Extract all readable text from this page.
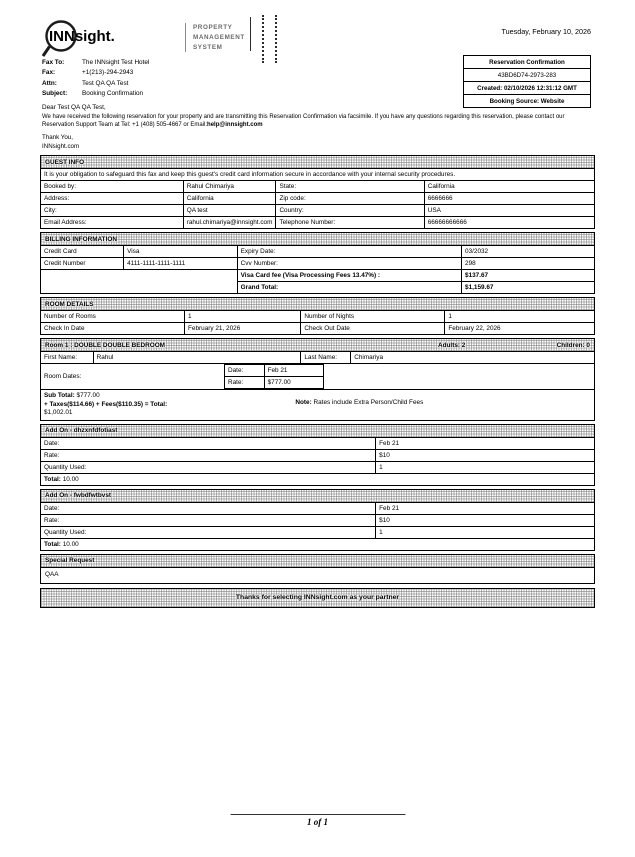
INNsight.
PROPERTY
MANAGEMENT
SYSTEM
Tuesday, February 10, 2026
Reservation Confirmation
43BD6D74-2973-283
Created: 02/10/2026 12:31:12 GMT
Booking Source: Website
Fax To:	The INNsight Test Hotel
Fax:	+1(213)-294-2943
Attn:	Test QA QA Test
Subject:	Booking Confirmation
Dear Test QA QA Test,

We have received the following reservation for your property and are transmitting this Reservation Confirmation via facsimile. If you have any questions regarding this reservation, please contact our Reservation Support Team at Tel: +1 (408) 505-4667 or Email:help@innsight.com

Thank You,
INNsight.com
GUEST INFO
It is your obligation to safeguard this fax and keep this guest's credit card information secure in accordance with your internal security procedures.			
Booked by:	Rahul Chimariya	State:	California
Address:	California	Zip code:	6666666
City:	QA test	Country:	USA
Email Address:	rahul.chimariya@innsight.com	Telephone Number:	66666666666
BILLING INFORMATION
Credit Card	Visa	Expiry Date:	03/2032
Credit Number	4111-1111-1111-1111	Cvv Number:	298
		Visa Card fee (Visa Processing Fees 13.47%) :	$137.67
		Grand Total:	$1,159.67
ROOM DETAILS
Number of Rooms	1	Number of Nights	1
Check In Date	February 21, 2026	Check Out Date	February 22, 2026
Room 1 : DOUBLE DOUBLE BEDROOM	Adults: 2	Children: 0
First Name:	Rahul	Last Name:	Chimariya
Room Dates:
Date:	Feb 21
Rate:	$777.00
Sub Total: $777.00
+ Taxes($114.66) + Fees($110.35) = Total:
$1,002.01
Note: Rates include Extra Person/Child Fees
Add On - dhzxnfdfotiast
Date:	Feb 21
Rate:	$10
Quantity Used:	1
Total: 10.00	
Add On - fwbdfwtbvst
Date:	Feb 21
Rate:	$10
Quantity Used:	1
Total: 10.00	
Special Request
QAA
Thanks for selecting INNsight.com as your partner
1 of 1
